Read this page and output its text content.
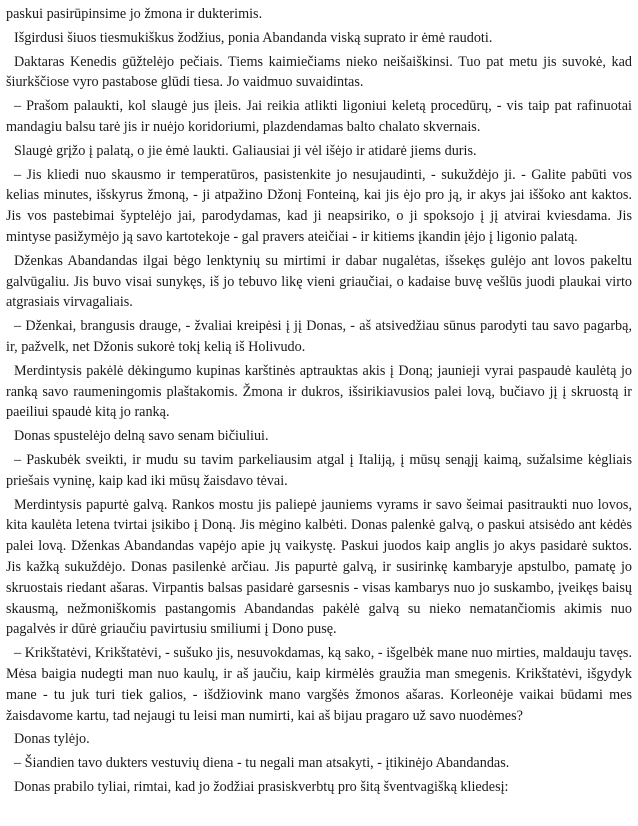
paskui pasirūpinsime jo žmona ir dukterimis.

Išgirdusi šiuos tiesmukiškus žodžius, ponia Abandanda viską suprato ir ėmė raudoti.

Daktaras Kenedis gūžtelėjo pečiais. Tiems kaimiečiams nieko neišaiškinsi. Tuo pat metu jis suvokė, kad šiurkščiose vyro pastabose glūdi tiesa. Jo vaidmuo suvaidintas.

– Prašom palaukti, kol slaugė jus įleis. Jai reikia atlikti ligoniui keletą procedūrų, - vis taip pat rafinuotai mandagiu balsu tarė jis ir nuėjo koridoriumi, plazdendamas balto chalato skvernais.

Slaugė grįžo į palatą, o jie ėmė laukti. Galiausiai ji vėl išėjo ir atidarė jiems duris.

– Jis kliedi nuo skausmo ir temperatūros, pasistenkite jo nesujaudinti, - sukuždėjo ji. - Galite pabūti vos kelias minutes, išskyrus žmoną, - ji atpažino Džonį Fonteiną, kai jis ėjo pro ją, ir akys jai iššoko ant kaktos. Jis vos pastebimai šyptelėjo jai, parodydamas, kad ji neapsiriko, o ji spoksojo į jį atvirai kviesdama. Jis mintyse pasižymėjo ją savo kartotekoje - gal pravers ateičiai - ir kitiems įkandin įėjo į ligonio palatą.

Dženkas Abandandas ilgai bėgo lenktynių su mirtimi ir dabar nugalėtas, išsekęs gulėjo ant lovos pakeltu galvūgaliu. Jis buvo visai sunykęs, iš jo tebuvo likę vieni griaučiai, o kadaise buvę vešlūs juodi plaukai virto atgrasiais virvagaliais.

– Dženkai, brangusis drauge, - žvaliai kreipėsi į jį Donas, - aš atsivedžiau sūnus parodyti tau savo pagarbą, ir, pažvelk, net Džonis sukorė tokį kelią iš Holivudo.

Merdintysis pakėlė dėkingumo kupinas karštinės aptrauktas akis į Doną; jaunieji vyrai paspaudė kaulėtą jo ranką savo raumeningomis plaštakomis. Žmona ir dukros, išsirikiavusios palei lovą, bučiavo jį į skruostą ir paeiliui spaudė kitą jo ranką.

Donas spustelėjo delną savo senam bičiuliui.

– Paskubėk sveikti, ir mudu su tavim parkeliausim atgal į Italiją, į mūsų senąjį kaimą, sužalsime kėgliais priešais vyninę, kaip kad iki mūsų žaisdavo tėvai.

Merdintysis papurtė galvą. Rankos mostu jis paliepė jauniems vyrams ir savo šeimai pasitraukti nuo lovos, kita kaulėta letena tvirtai įsikibo į Doną. Jis mėgino kalbėti. Donas palenkė galvą, o paskui atsisėdo ant kėdės palei lovą. Dženkas Abandandas vapėjo apie jų vaikystę. Paskui juodos kaip anglis jo akys pasidarė suktos. Jis kažką sukuždėjo. Donas pasilenkė arčiau. Jis papurtė galvą, ir susirinkę kambaryje apstulbo, pamatę jo skruostais riedant ašaras. Virpantis balsas pasidarė garsesnis - visas kambarys nuo jo suskambo, įveikęs baisų skausmą, nežmoniškomis pastangomis Abandandas pakėlė galvą su nieko nematančiomis akimis nuo pagalvės ir dūrė griaučiu pavirtusiu smiliumi į Dono pusę.

– Krikštatėvi, Krikštatėvi, - sušuko jis, nesuvokdamas, ką sako, - išgelbėk mane nuo mirties, maldauju tavęs. Mėsa baigia nudegti man nuo kaulų, ir aš jaučiu, kaip kirmėlės graužia man smegenis. Krikštatėvi, išgydyk mane - tu juk turi tiek galios, - išdžiovink mano vargšės žmonos ašaras. Korleonėje vaikai būdami mes žaisdavome kartu, tad nejaugi tu leisi man numirti, kai aš bijau pragaro už savo nuodėmes?

Donas tylėjo.

– Šiandien tavo dukters vestuvių diena - tu negali man atsakyti, - įtikinėjo Abandandas.

Donas prabilo tyliai, rimtai, kad jo žodžiai prasiskverbtų pro šitą šventvagišką kliedesį:
